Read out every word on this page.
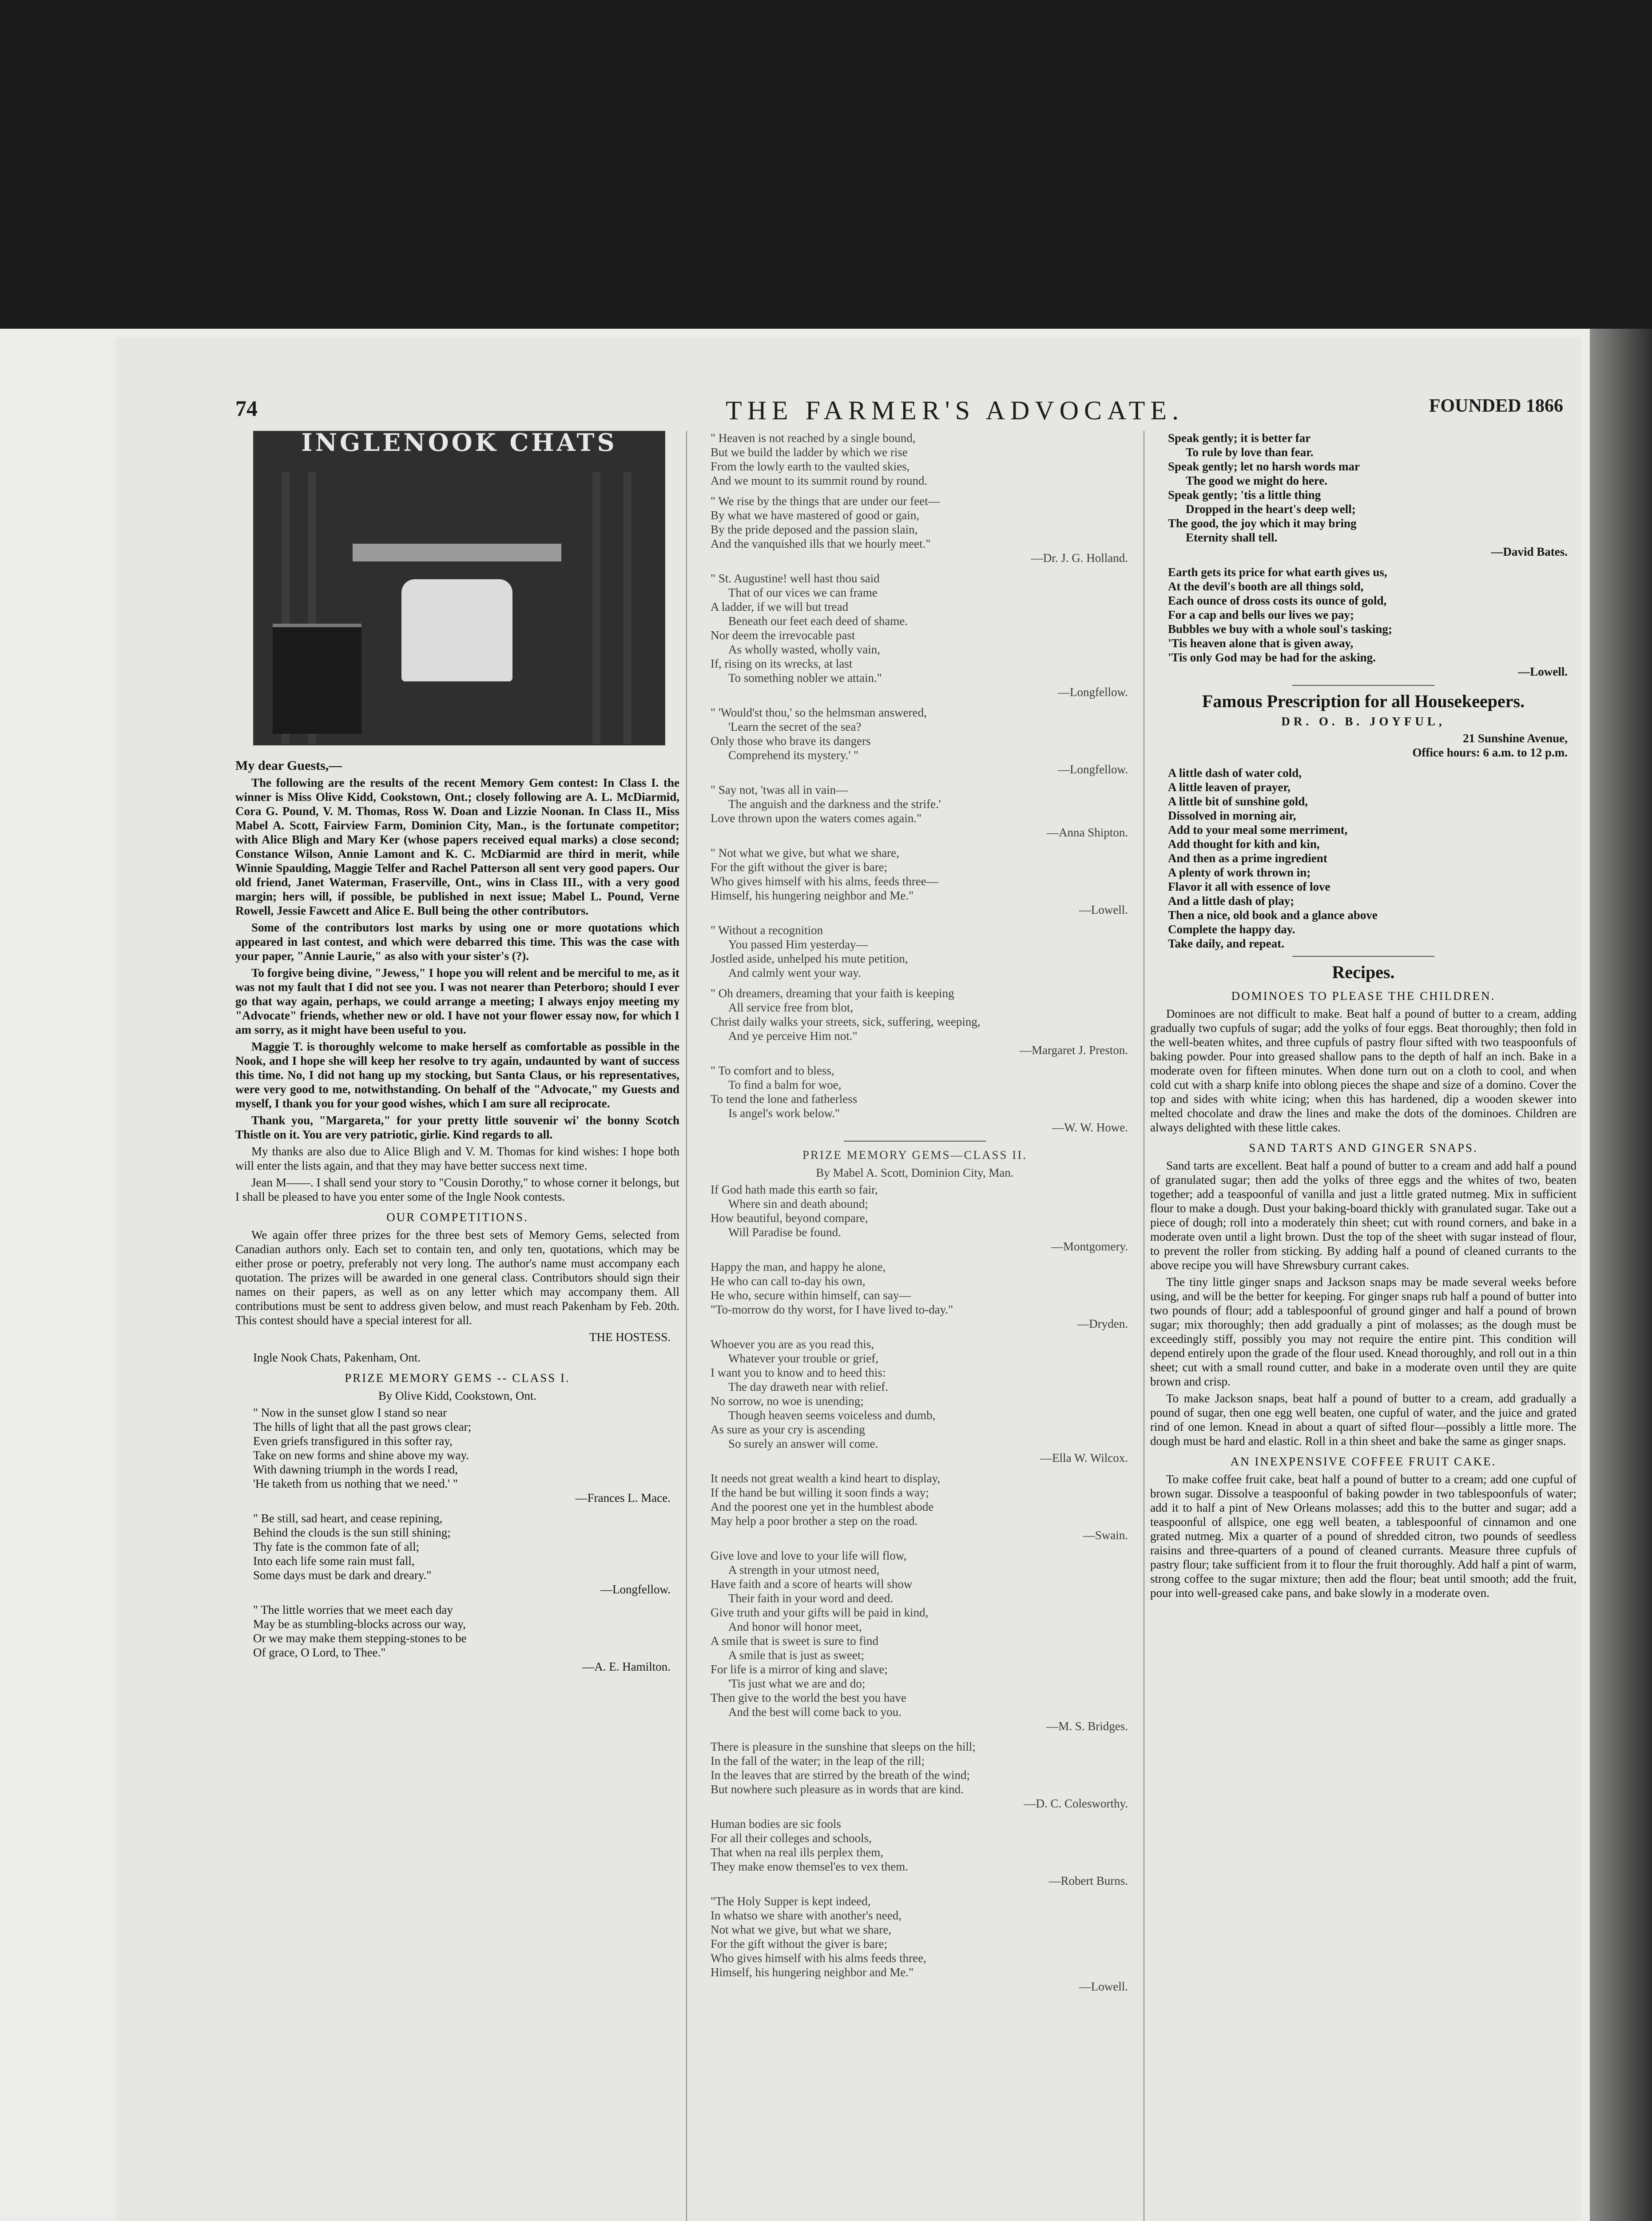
74	THE FARMER'S ADVOCATE.	FOUNDED 1866
INGLENOOK CHATS

My dear Guests,—

The following are the results of the recent Memory Gem contest: In Class I. the winner is Miss Olive Kidd, Cookstown, Ont.; closely following are A. L. McDiarmid, Cora G. Pound, V. M. Thomas, Ross W. Doan and Lizzie Noonan. In Class II., Miss Mabel A. Scott, Fairview Farm, Dominion City, Man., is the fortunate competitor; with Alice Bligh and Mary Ker (whose papers received equal marks) a close second; Constance Wilson, Annie Lamont and K. C. McDiarmid are third in merit, while Winnie Spaulding, Maggie Telfer and Rachel Patterson all sent very good papers. Our old friend, Janet Waterman, Fraserville, Ont., wins in Class III., with a very good margin; hers will, if possible, be published in next issue; Mabel L. Pound, Verne Rowell, Jessie Fawcett and Alice E. Bull being the other contributors.

Some of the contributors lost marks by using one or more quotations which appeared in last contest, and which were debarred this time. This was the case with your paper, "Annie Laurie," as also with your sister's (?).

To forgive being divine, "Jewess," I hope you will relent and be merciful to me, as it was not my fault that I did not see you. I was not nearer than Peterboro; should I ever go that way again, perhaps, we could arrange a meeting; I always enjoy meeting my "Advocate" friends, whether new or old. I have not your flower essay now, for which I am sorry, as it might have been useful to you.

Maggie T. is thoroughly welcome to make herself as comfortable as possible in the Nook, and I hope she will keep her resolve to try again, undaunted by want of success this time. No, I did not hang up my stocking, but Santa Claus, or his representatives, were very good to me, notwithstanding. On behalf of the "Advocate," my Guests and myself, I thank you for your good wishes, which I am sure all reciprocate.

Thank you, "Margareta," for your pretty little souvenir wi' the bonny Scotch Thistle on it. You are very patriotic, girlie. Kind regards to all.

My thanks are also due to Alice Bligh and V. M. Thomas for kind wishes: I hope both will enter the lists again, and that they may have better success next time.

Jean M——. I shall send your story to "Cousin Dorothy," to whose corner it belongs, but I shall be pleased to have you enter some of the Ingle Nook contests.

OUR COMPETITIONS.

We again offer three prizes for the three best sets of Memory Gems, selected from Canadian authors only. Each set to contain ten, and only ten, quotations, which may be either prose or poetry, preferably not very long. The author's name must accompany each quotation. The prizes will be awarded in one general class. Contributors should sign their names on their papers, as well as on any letter which may accompany them. All contributions must be sent to address given below, and must reach Pakenham by Feb. 20th. This contest should have a special interest for all.

THE HOSTESS.

Ingle Nook Chats, Pakenham, Ont.

PRIZE MEMORY GEMS -- CLASS I.

By Olive Kidd, Cookstown, Ont.

" Now in the sunset glow I stand so near

The hills of light that all the past grows clear;

Even griefs transfigured in this softer ray,

Take on new forms and shine above my way.

With dawning triumph in the words I read,

'He taketh from us nothing that we need.' "

—Frances L. Mace.

" Be still, sad heart, and cease repining,

Behind the clouds is the sun still shining;

Thy fate is the common fate of all;

Into each life some rain must fall,

Some days must be dark and dreary."

—Longfellow.

" The little worries that we meet each day

May be as stumbling-blocks across our way,

Or we may make them stepping-stones to be

Of grace, O Lord, to Thee."

—A. E. Hamilton.

" Heaven is not reached by a single bound,

But we build the ladder by which we rise

From the lowly earth to the vaulted skies,

And we mount to its summit round by round.

" We rise by the things that are under our feet—

By what we have mastered of good or gain,

By the pride deposed and the passion slain,

And the vanquished ills that we hourly meet."

—Dr. J. G. Holland.

" St. Augustine! well hast thou said

That of our vices we can frame

A ladder, if we will but tread

Beneath our feet each deed of shame.

Nor deem the irrevocable past

As wholly wasted, wholly vain,

If, rising on its wrecks, at last

To something nobler we attain."

—Longfellow.

" 'Would'st thou,' so the helmsman answered,

'Learn the secret of the sea?

Only those who brave its dangers

Comprehend its mystery.' "

—Longfellow.

" Say not, 'twas all in vain—

The anguish and the darkness and the strife.'

Love thrown upon the waters comes again."

—Anna Shipton.

" Not what we give, but what we share,

For the gift without the giver is bare;

Who gives himself with his alms, feeds three—

Himself, his hungering neighbor and Me."

—Lowell.

" Without a recognition

You passed Him yesterday—

Jostled aside, unhelped his mute petition,

And calmly went your way.

" Oh dreamers, dreaming that your faith is keeping

All service free from blot,

Christ daily walks your streets, sick, suffering, weeping,

And ye perceive Him not."

—Margaret J. Preston.

" To comfort and to bless,

To find a balm for woe,

To tend the lone and fatherless

Is angel's work below."

—W. W. Howe.

PRIZE MEMORY GEMS—CLASS II.

By Mabel A. Scott, Dominion City, Man.

If God hath made this earth so fair,

Where sin and death abound;

How beautiful, beyond compare,

Will Paradise be found.

—Montgomery.

Happy the man, and happy he alone,

He who can call to-day his own,

He who, secure within himself, can say—

"To-morrow do thy worst, for I have lived to-day."

—Dryden.

Whoever you are as you read this,

Whatever your trouble or grief,

I want you to know and to heed this:

The day draweth near with relief.

No sorrow, no woe is unending;

Though heaven seems voiceless and dumb,

As sure as your cry is ascending

So surely an answer will come.

—Ella W. Wilcox.

It needs not great wealth a kind heart to display,

If the hand be but willing it soon finds a way;

And the poorest one yet in the humblest abode

May help a poor brother a step on the road.

—Swain.

Give love and love to your life will flow,

A strength in your utmost need,

Have faith and a score of hearts will show

Their faith in your word and deed.

Give truth and your gifts will be paid in kind,

And honor will honor meet,

A smile that is sweet is sure to find

A smile that is just as sweet;

For life is a mirror of king and slave;

'Tis just what we are and do;

Then give to the world the best you have

And the best will come back to you.

—M. S. Bridges.

There is pleasure in the sunshine that sleeps on the hill;

In the fall of the water; in the leap of the rill;

In the leaves that are stirred by the breath of the wind;

But nowhere such pleasure as in words that are kind.

—D. C. Colesworthy.

Human bodies are sic fools

For all their colleges and schools,

That when na real ills perplex them,

They make enow themsel'es to vex them.

—Robert Burns.

"The Holy Supper is kept indeed,

In whatso we share with another's need,

Not what we give, but what we share,

For the gift without the giver is bare;

Who gives himself with his alms feeds three,

Himself, his hungering neighbor and Me."

—Lowell.

Speak gently; it is better far

To rule by love than fear.

Speak gently; let no harsh words mar

The good we might do here.

Speak gently; 'tis a little thing

Dropped in the heart's deep well;

The good, the joy which it may bring

Eternity shall tell.

—David Bates.

Earth gets its price for what earth gives us,

At the devil's booth are all things sold,

Each ounce of dross costs its ounce of gold,

For a cap and bells our lives we pay;

Bubbles we buy with a whole soul's tasking;

'Tis heaven alone that is given away,

'Tis only God may be had for the asking.

—Lowell.

Famous Prescription for all Housekeepers.

DR. O. B. JOYFUL,

21 Sunshine Avenue,

Office hours: 6 a.m. to 12 p.m.

A little dash of water cold,

A little leaven of prayer,

A little bit of sunshine gold,

Dissolved in morning air,

Add to your meal some merriment,

Add thought for kith and kin,

And then as a prime ingredient

A plenty of work thrown in;

Flavor it all with essence of love

And a little dash of play;

Then a nice, old book and a glance above

Complete the happy day.

Take daily, and repeat.

Recipes.

DOMINOES TO PLEASE THE CHILDREN.

Dominoes are not difficult to make. Beat half a pound of butter to a cream, adding gradually two cupfuls of sugar; add the yolks of four eggs. Beat thoroughly; then fold in the well-beaten whites, and three cupfuls of pastry flour sifted with two teaspoonfuls of baking powder. Pour into greased shallow pans to the depth of half an inch. Bake in a moderate oven for fifteen minutes. When done turn out on a cloth to cool, and when cold cut with a sharp knife into oblong pieces the shape and size of a domino. Cover the top and sides with white icing; when this has hardened, dip a wooden skewer into melted chocolate and draw the lines and make the dots of the dominoes. Children are always delighted with these little cakes.

SAND TARTS AND GINGER SNAPS.

Sand tarts are excellent. Beat half a pound of butter to a cream and add half a pound of granulated sugar; then add the yolks of three eggs and the whites of two, beaten together; add a teaspoonful of vanilla and just a little grated nutmeg. Mix in sufficient flour to make a dough. Dust your baking-board thickly with granulated sugar. Take out a piece of dough; roll into a moderately thin sheet; cut with round corners, and bake in a moderate oven until a light brown. Dust the top of the sheet with sugar instead of flour, to prevent the roller from sticking. By adding half a pound of cleaned currants to the above recipe you will have Shrewsbury currant cakes.

The tiny little ginger snaps and Jackson snaps may be made several weeks before using, and will be the better for keeping. For ginger snaps rub half a pound of butter into two pounds of flour; add a tablespoonful of ground ginger and half a pound of brown sugar; mix thoroughly; then add gradually a pint of molasses; as the dough must be exceedingly stiff, possibly you may not require the entire pint. This condition will depend entirely upon the grade of the flour used. Knead thoroughly, and roll out in a thin sheet; cut with a small round cutter, and bake in a moderate oven until they are quite brown and crisp.

To make Jackson snaps, beat half a pound of butter to a cream, add gradually a pound of sugar, then one egg well beaten, one cupful of water, and the juice and grated rind of one lemon. Knead in about a quart of sifted flour—possibly a little more. The dough must be hard and elastic. Roll in a thin sheet and bake the same as ginger snaps.

AN INEXPENSIVE COFFEE FRUIT CAKE.

To make coffee fruit cake, beat half a pound of butter to a cream; add one cupful of brown sugar. Dissolve a teaspoonful of baking powder in two tablespoonfuls of water; add it to half a pint of New Orleans molasses; add this to the butter and sugar; add a teaspoonful of allspice, one egg well beaten, a tablespoonful of cinnamon and one grated nutmeg. Mix a quarter of a pound of shredded citron, two pounds of seedless raisins and three-quarters of a pound of cleaned currants. Measure three cupfuls of pastry flour; take sufficient from it to flour the fruit thoroughly. Add half a pint of warm, strong coffee to the sugar mixture; then add the flour; beat until smooth; add the fruit, pour into well-greased cake pans, and bake slowly in a moderate oven.
